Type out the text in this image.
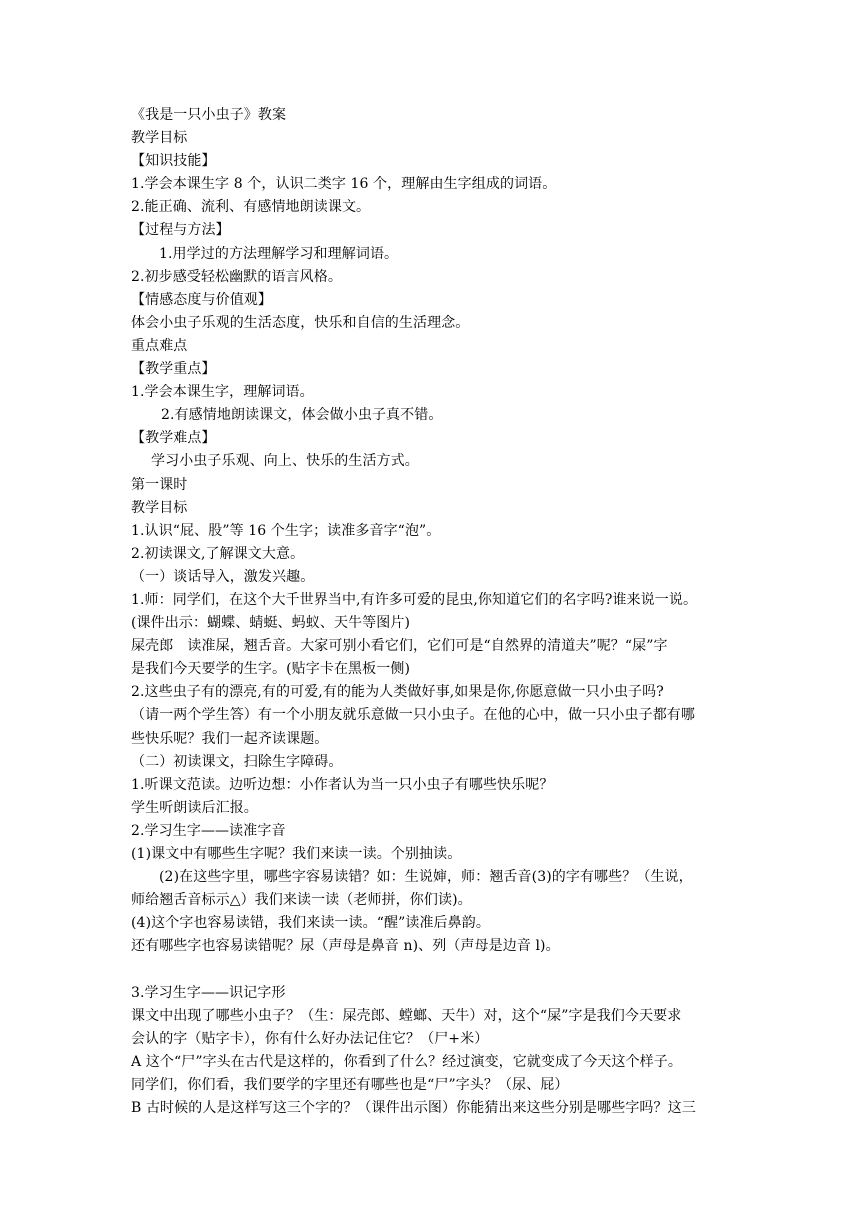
《我是一只小虫子》教案
教学目标
【知识技能】
1.学会本课生字 8 个，认识二类字 16 个，理解由生字组成的词语。
2.能正确、流利、有感情地朗读课文。
【过程与方法】
1.用学过的方法理解学习和理解词语。
2.初步感受轻松幽默的语言风格。
【情感态度与价值观】
体会小虫子乐观的生活态度，快乐和自信的生活理念。
重点难点
【教学重点】
1.学会本课生字，理解词语。
2.有感情地朗读课文，体会做小虫子真不错。
【教学难点】
学习小虫子乐观、向上、快乐的生活方式。
第一课时
教学目标
1.认识“屁、股”等 16 个生字；读准多音字“泡”。
2.初读课文,了解课文大意。
（一）谈话导入，激发兴趣。
1.师：同学们，在这个大千世界当中,有许多可爱的昆虫,你知道它们的名字吗?谁来说一说。
(课件出示：蝴蝶、蜻蜓、蚂蚁、天牛等图片)
屎壳郎　读准屎，翘舌音。大家可别小看它们，它们可是“自然界的清道夫”呢？“屎”字
是我们今天要学的生字。(贴字卡在黑板一侧)
2.这些虫子有的漂亮,有的可爱,有的能为人类做好事,如果是你,你愿意做一只小虫子吗?
（请一两个学生答）有一个小朋友就乐意做一只小虫子。在他的心中，做一只小虫子都有哪
些快乐呢？我们一起齐读课题。
（二）初读课文，扫除生字障碍。
1.听课文范读。边听边想：小作者认为当一只小虫子有哪些快乐呢？
学生听朗读后汇报。
2.学习生字——读准字音
(1)课文中有哪些生字呢？我们来读一读。个别抽读。
(2)在这些字里，哪些字容易读错？如：生说婶，师：翘舌音(3)的字有哪些？（生说，
师给翘舌音标示△）我们来读一读（老师拼，你们读)。
(4)这个字也容易读错，我们来读一读。“醒”读准后鼻韵。
还有哪些字也容易读错呢？尿（声母是鼻音 n)、列（声母是边音 l)。
3.学习生字——识记字形
课文中出现了哪些小虫子？（生：屎壳郎、螳螂、天牛）对，这个“屎”字是我们今天要求
会认的字（贴字卡），你有什么好办法记住它？（尸+米）
A 这个“尸”字头在古代是这样的，你看到了什么？经过演变，它就变成了今天这个样子。
同学们，你们看，我们要学的字里还有哪些也是“尸”字头？（尿、屁）
B 古时候的人是这样写这三个字的？（课件出示图）你能猜出来这些分别是哪些字吗？这三
